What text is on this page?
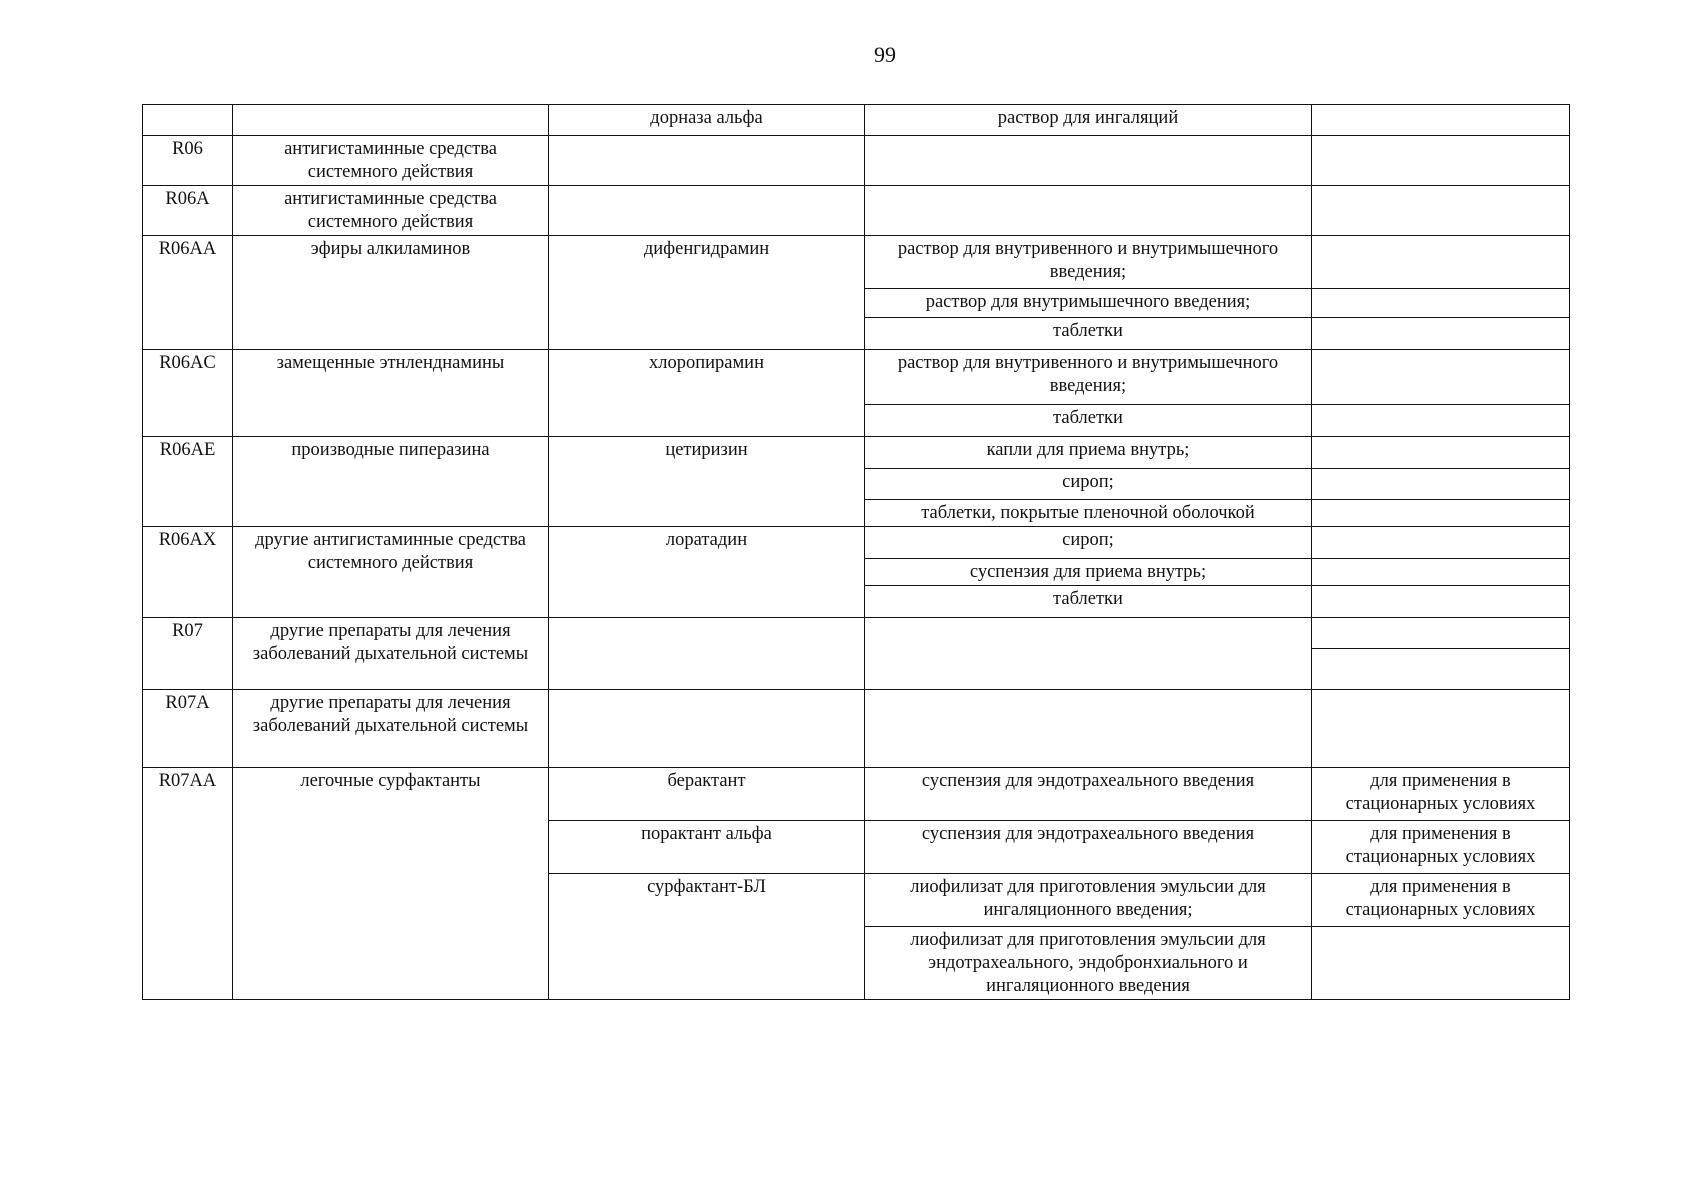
99
		дорназа альфа	раствор для ингаляций	
R06	антигистаминные средства системного действия			
R06A	антигистаминные средства системного действия			
R06AA	эфиры алкиламинов	дифенгидрамин	раствор для внутривенного и внутримышечного введения;	
			раствор для внутримышечного введения;	
			таблетки	
R06AC	замещенные этнленднамины	хлоропирамин	раствор для внутривенного и внутримышечного введения;	
			таблетки	
R06AE	производные пиперазина	цетиризин	капли для приема внутрь;	
			сироп;	
			таблетки, покрытые пленочной оболочкой	
R06AX	другие антигистаминные средства системного действия	лоратадин	сироп;	
			суспензия для приема внутрь;	
			таблетки	
R07	другие препараты для лечения заболеваний дыхательной системы			

R07A	другие препараты для лечения заболеваний дыхательной системы			
R07AA	легочные сурфактанты	берактант	суспензия для эндотрахеального введения	для применения в стационарных условиях
		порактант альфа	суспензия для эндотрахеального введения	для применения в стационарных условиях
		сурфактант-БЛ	лиофилизат для приготовления эмульсии для ингаляционного введения;	для применения в стационарных условиях
			лиофилизат для приготовления эмульсии для эндотрахеального, эндобронхиального и ингаляционного введения	
